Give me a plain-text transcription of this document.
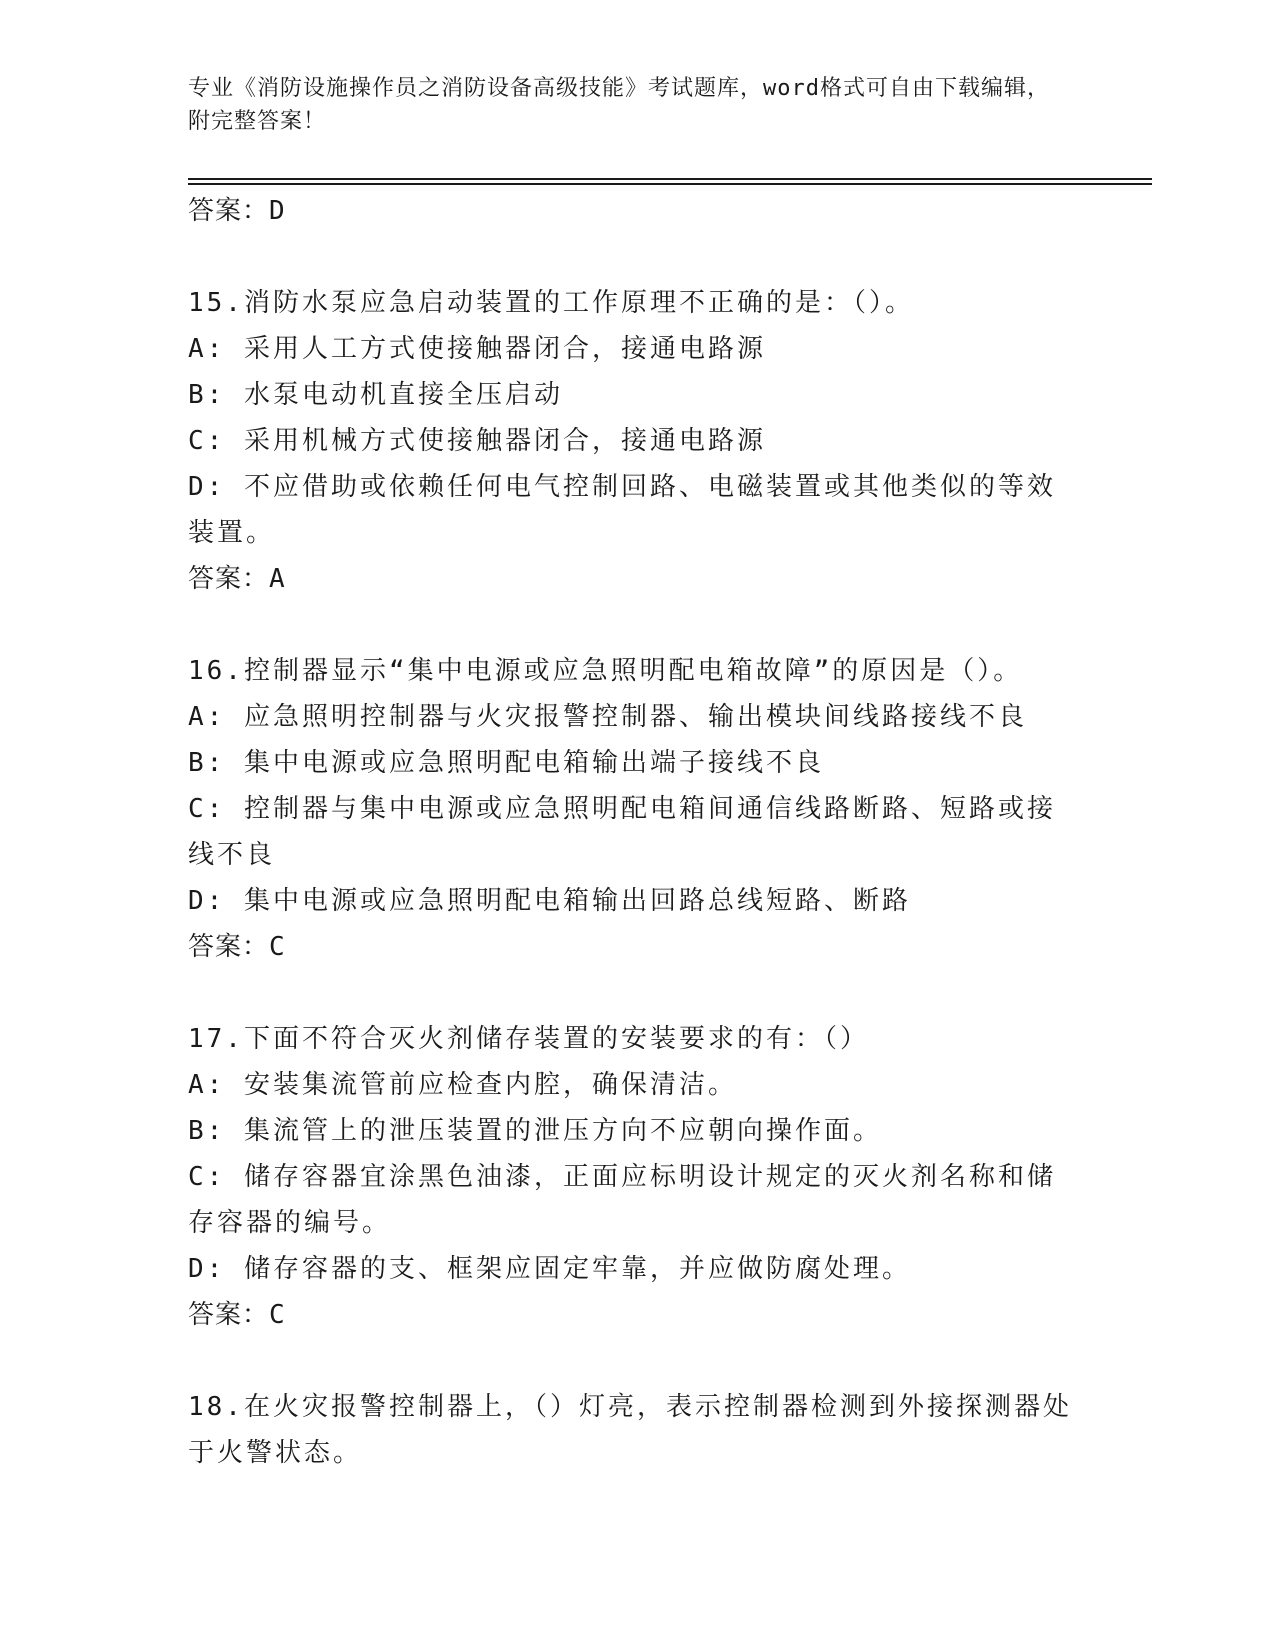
专业《消防设施操作员之消防设备高级技能》考试题库，word格式可自由下载编辑，附完整答案！

答案：D

15.消防水泵应急启动装置的工作原理不正确的是：（）。

A: 采用人工方式使接触器闭合，接通电路源

B: 水泵电动机直接全压启动

C: 采用机械方式使接触器闭合，接通电路源

D: 不应借助或依赖任何电气控制回路、电磁装置或其他类似的等效装置。

答案：A

16.控制器显示“集中电源或应急照明配电箱故障”的原因是（）。

A: 应急照明控制器与火灾报警控制器、输出模块间线路接线不良

B: 集中电源或应急照明配电箱输出端子接线不良

C: 控制器与集中电源或应急照明配电箱间通信线路断路、短路或接线不良

D: 集中电源或应急照明配电箱输出回路总线短路、断路

答案：C

17.下面不符合灭火剂储存装置的安装要求的有：（）

A: 安装集流管前应检查内腔，确保清洁。

B: 集流管上的泄压装置的泄压方向不应朝向操作面。

C: 储存容器宜涂黑色油漆，正面应标明设计规定的灭火剂名称和储存容器的编号。

D: 储存容器的支、框架应固定牢靠，并应做防腐处理。

答案：C

18.在火灾报警控制器上，（）灯亮，表示控制器检测到外接探测器处于火警状态。
